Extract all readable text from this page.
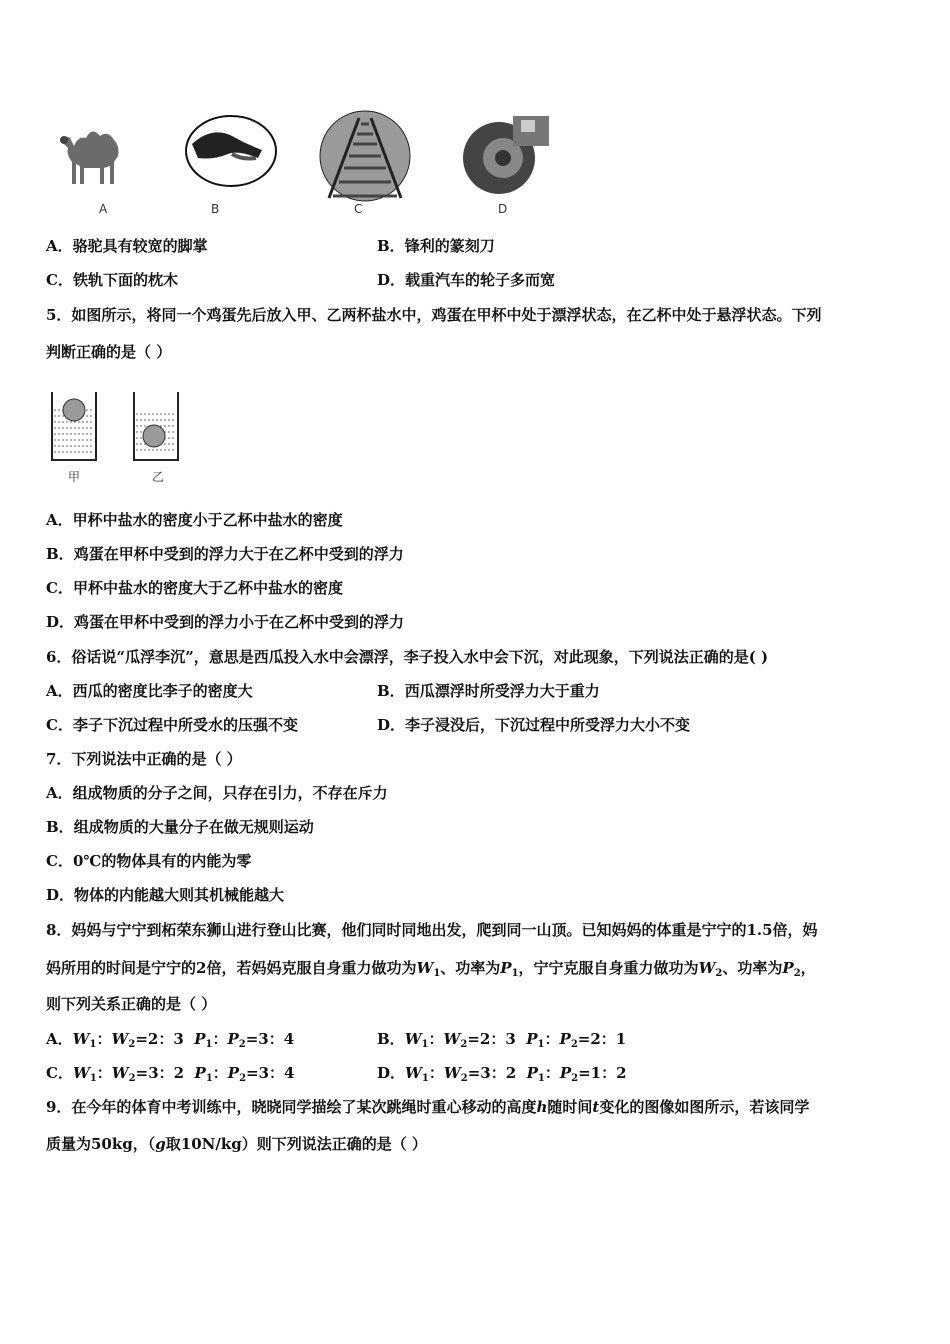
A	B	C	D
A．骆驼具有较宽的脚掌	B．锋利的篆刻刀
C．铁轨下面的枕木	D．载重汽车的轮子多而宽
5．如图所示，将同一个鸡蛋先后放入甲、乙两杯盐水中，鸡蛋在甲杯中处于漂浮状态，在乙杯中处于悬浮状态。下列
判断正确的是（ ）
甲	乙
A．甲杯中盐水的密度小于乙杯中盐水的密度
B．鸡蛋在甲杯中受到的浮力大于在乙杯中受到的浮力
C．甲杯中盐水的密度大于乙杯中盐水的密度
D．鸡蛋在甲杯中受到的浮力小于在乙杯中受到的浮力
6．俗话说“瓜浮李沉”，意思是西瓜投入水中会漂浮，李子投入水中会下沉，对此现象，下列说法正确的是( )
A．西瓜的密度比李子的密度大	B．西瓜漂浮时所受浮力大于重力
C．李子下沉过程中所受水的压强不变	D．李子浸没后，下沉过程中所受浮力大小不变
7．下列说法中正确的是（ ）
A．组成物质的分子之间，只存在引力，不存在斥力
B．组成物质的大量分子在做无规则运动
C．0℃的物体具有的内能为零
D．物体的内能越大则其机械能越大
8．妈妈与宁宁到柘荣东狮山进行登山比赛，他们同时同地出发，爬到同一山顶。已知妈妈的体重是宁宁的1.5倍，妈
妈所用的时间是宁宁的2倍，若妈妈克服自身重力做功为$W_1$、功率为$P_1$，宁宁克服自身重力做功为$W_2$、功率为$P_2$，
则下列关系正确的是（ ）
A．$W_1$：$W_2=2$：3 $P_1$：$P_2=3$：4	B．$W_1$：$W_2=2$：3 $P_1$：$P_2=2$：1
C．$W_1$：$W_2=3$：2 $P_1$：$P_2=3$：4	D．$W_1$：$W_2=3$：2 $P_1$：$P_2=1$：2
9．在今年的体育中考训练中，晓晓同学描绘了某次跳绳时重心移动的高度h随时间t变化的图像如图所示，若该同学
质量为50kg，（g取10N/kg）则下列说法正确的是（ ）
